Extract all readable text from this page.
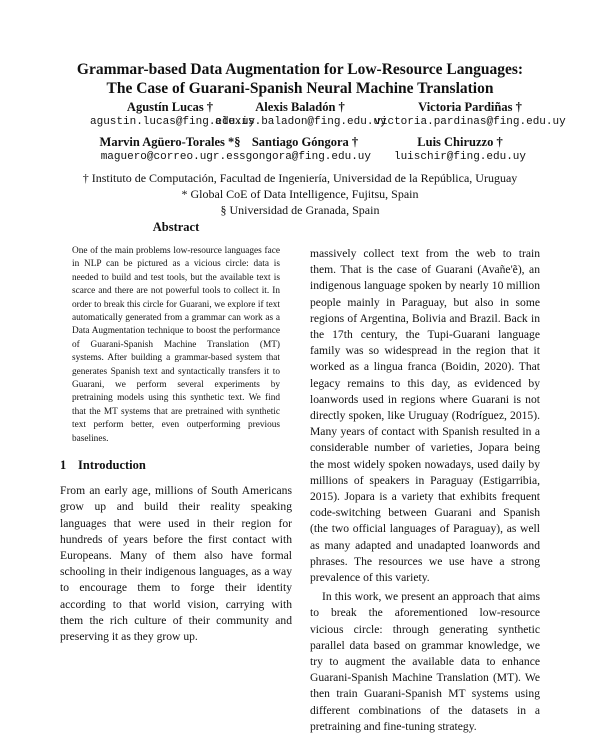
Grammar-based Data Augmentation for Low-Resource Languages:
The Case of Guarani-Spanish Neural Machine Translation
Agustín Lucas †
agustin.lucas@fing.edu.uy
Alexis Baladón †
alexis.baladon@fing.edu.uy
Victoria Pardiñas †
victoria.pardinas@fing.edu.uy
Marvin Agüero-Torales *§
maguero@correo.ugr.es
Santiago Góngora †
sgongora@fing.edu.uy
Luis Chiruzzo †
luischir@fing.edu.uy
† Instituto de Computación, Facultad de Ingeniería, Universidad de la República, Uruguay
* Global CoE of Data Intelligence, Fujitsu, Spain
§ Universidad de Granada, Spain
Abstract
One of the main problems low-resource languages face in NLP can be pictured as a vicious circle: data is needed to build and test tools, but the available text is scarce and there are not powerful tools to collect it. In order to break this circle for Guarani, we explore if text automatically generated from a grammar can work as a Data Augmentation technique to boost the performance of Guarani-Spanish Machine Translation (MT) systems. After building a grammar-based system that generates Spanish text and syntactically transfers it to Guarani, we perform several experiments by pretraining models using this synthetic text. We find that the MT systems that are pretrained with synthetic text perform better, even outperforming previous baselines.
1 Introduction
From an early age, millions of South Americans grow up and build their reality speaking languages that were used in their region for hundreds of years before the first contact with Europeans. Many of them also have formal schooling in their indigenous languages, as a way to encourage them to forge their identity according to that world vision, carrying with them the rich culture of their community and preserving it as they grow up.
massively collect text from the web to train them. That is the case of Guarani (Avañe'ẽ), an indigenous language spoken by nearly 10 million people mainly in Paraguay, but also in some regions of Argentina, Bolivia and Brazil. Back in the 17th century, the Tupi-Guarani language family was so widespread in the region that it worked as a lingua franca (Boidin, 2020). That legacy remains to this day, as evidenced by loanwords used in regions where Guarani is not directly spoken, like Uruguay (Rodríguez, 2015). Many years of contact with Spanish resulted in a considerable number of varieties, Jopara being the most widely spoken nowadays, used daily by millions of speakers in Paraguay (Estigarribia, 2015). Jopara is a variety that exhibits frequent code-switching between Guarani and Spanish (the two official languages of Paraguay), as well as many adapted and unadapted loanwords and phrases. The resources we use have a strong prevalence of this variety.
In this work, we present an approach that aims to break the aforementioned low-resource vicious circle: through generating synthetic parallel data based on grammar knowledge, we try to augment the available data to enhance Guarani-Spanish Machine Translation (MT). We then train Guarani-Spanish MT systems using different combinations of the datasets in a pretraining and fine-tuning strategy.
